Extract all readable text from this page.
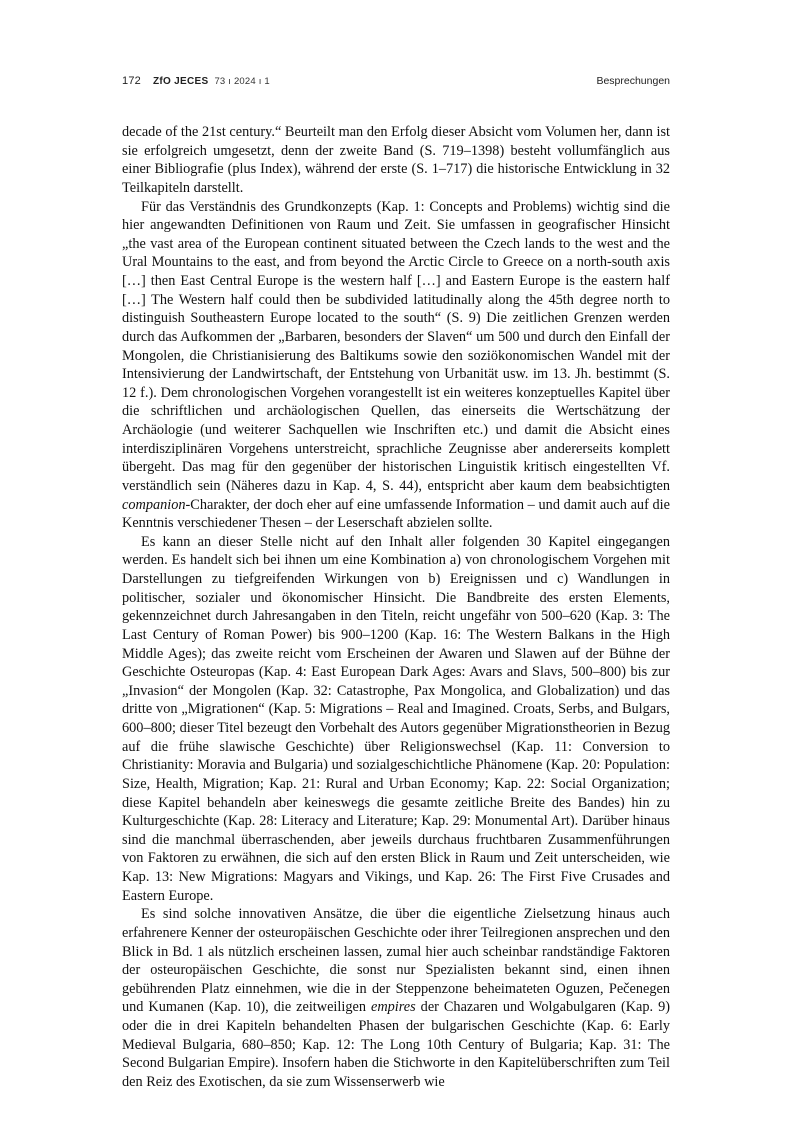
172 ZfO JECES 73 ı 2024 ı 1	Besprechungen

decade of the 21st century.“ Beurteilt man den Erfolg dieser Absicht vom Volumen her, dann ist sie erfolgreich umgesetzt, denn der zweite Band (S. 719–1398) besteht vollumfänglich aus einer Bibliografie (plus Index), während der erste (S. 1–717) die historische Entwicklung in 32 Teilkapiteln darstellt.

Für das Verständnis des Grundkonzepts (Kap. 1: Concepts and Problems) wichtig sind die hier angewandten Definitionen von Raum und Zeit. Sie umfassen in geografischer Hinsicht „the vast area of the European continent situated between the Czech lands to the west and the Ural Mountains to the east, and from beyond the Arctic Circle to Greece on a north-south axis […] then East Central Europe is the western half […] and Eastern Europe is the eastern half […] The Western half could then be subdivided latitudinally along the 45th degree north to distinguish Southeastern Europe located to the south“ (S. 9) Die zeitlichen Grenzen werden durch das Aufkommen der „Barbaren, besonders der Slaven“ um 500 und durch den Einfall der Mongolen, die Christianisierung des Baltikums sowie den soziökonomischen Wandel mit der Intensivierung der Landwirtschaft, der Entstehung von Urbanität usw. im 13. Jh. bestimmt (S. 12 f.). Dem chronologischen Vorgehen vorangestellt ist ein weiteres konzeptuelles Kapitel über die schriftlichen und archäologischen Quellen, das einerseits die Wertschätzung der Archäologie (und weiterer Sachquellen wie Inschriften etc.) und damit die Absicht eines interdisziplinären Vorgehens unterstreicht, sprachliche Zeugnisse aber andererseits komplett übergeht. Das mag für den gegenüber der historischen Linguistik kritisch eingestellten Vf. verständlich sein (Näheres dazu in Kap. 4, S. 44), entspricht aber kaum dem beabsichtigten companion-Charakter, der doch eher auf eine umfassende Information – und damit auch auf die Kenntnis verschiedener Thesen – der Leserschaft abzielen sollte.

Es kann an dieser Stelle nicht auf den Inhalt aller folgenden 30 Kapitel eingegangen werden. Es handelt sich bei ihnen um eine Kombination a) von chronologischem Vorgehen mit Darstellungen zu tiefgreifenden Wirkungen von b) Ereignissen und c) Wandlungen in politischer, sozialer und ökonomischer Hinsicht. Die Bandbreite des ersten Elements, gekennzeichnet durch Jahresangaben in den Titeln, reicht ungefähr von 500–620 (Kap. 3: The Last Century of Roman Power) bis 900–1200 (Kap. 16: The Western Balkans in the High Middle Ages); das zweite reicht vom Erscheinen der Awaren und Slawen auf der Bühne der Geschichte Osteuropas (Kap. 4: East European Dark Ages: Avars and Slavs, 500–800) bis zur „Invasion“ der Mongolen (Kap. 32: Catastrophe, Pax Mongolica, and Globalization) und das dritte von „Migrationen“ (Kap. 5: Migrations – Real and Imagined. Croats, Serbs, and Bulgars, 600–800; dieser Titel bezeugt den Vorbehalt des Autors gegenüber Migrationstheorien in Bezug auf die frühe slawische Geschichte) über Religionswechsel (Kap. 11: Conversion to Christianity: Moravia and Bulgaria) und sozialgeschichtliche Phänomene (Kap. 20: Population: Size, Health, Migration; Kap. 21: Rural and Urban Economy; Kap. 22: Social Organization; diese Kapitel behandeln aber keineswegs die gesamte zeitliche Breite des Bandes) hin zu Kulturgeschichte (Kap. 28: Literacy and Literature; Kap. 29: Monumental Art). Darüber hinaus sind die manchmal überraschenden, aber jeweils durchaus fruchtbaren Zusammenführungen von Faktoren zu erwähnen, die sich auf den ersten Blick in Raum und Zeit unterscheiden, wie Kap. 13: New Migrations: Magyars and Vikings, und Kap. 26: The First Five Crusades and Eastern Europe.

Es sind solche innovativen Ansätze, die über die eigentliche Zielsetzung hinaus auch erfahrenere Kenner der osteuropäischen Geschichte oder ihrer Teilregionen ansprechen und den Blick in Bd. 1 als nützlich erscheinen lassen, zumal hier auch scheinbar randständige Faktoren der osteuropäischen Geschichte, die sonst nur Spezialisten bekannt sind, einen ihnen gebührenden Platz einnehmen, wie die in der Steppenzone beheimateten Oguzen, Pečenegen und Kumanen (Kap. 10), die zeitweiligen empires der Chazaren und Wolgabulgaren (Kap. 9) oder die in drei Kapiteln behandelten Phasen der bulgarischen Geschichte (Kap. 6: Early Medieval Bulgaria, 680–850; Kap. 12: The Long 10th Century of Bulgaria; Kap. 31: The Second Bulgarian Empire). Insofern haben die Stichworte in den Kapitelüberschriften zum Teil den Reiz des Exotischen, da sie zum Wissenserwerb wie
